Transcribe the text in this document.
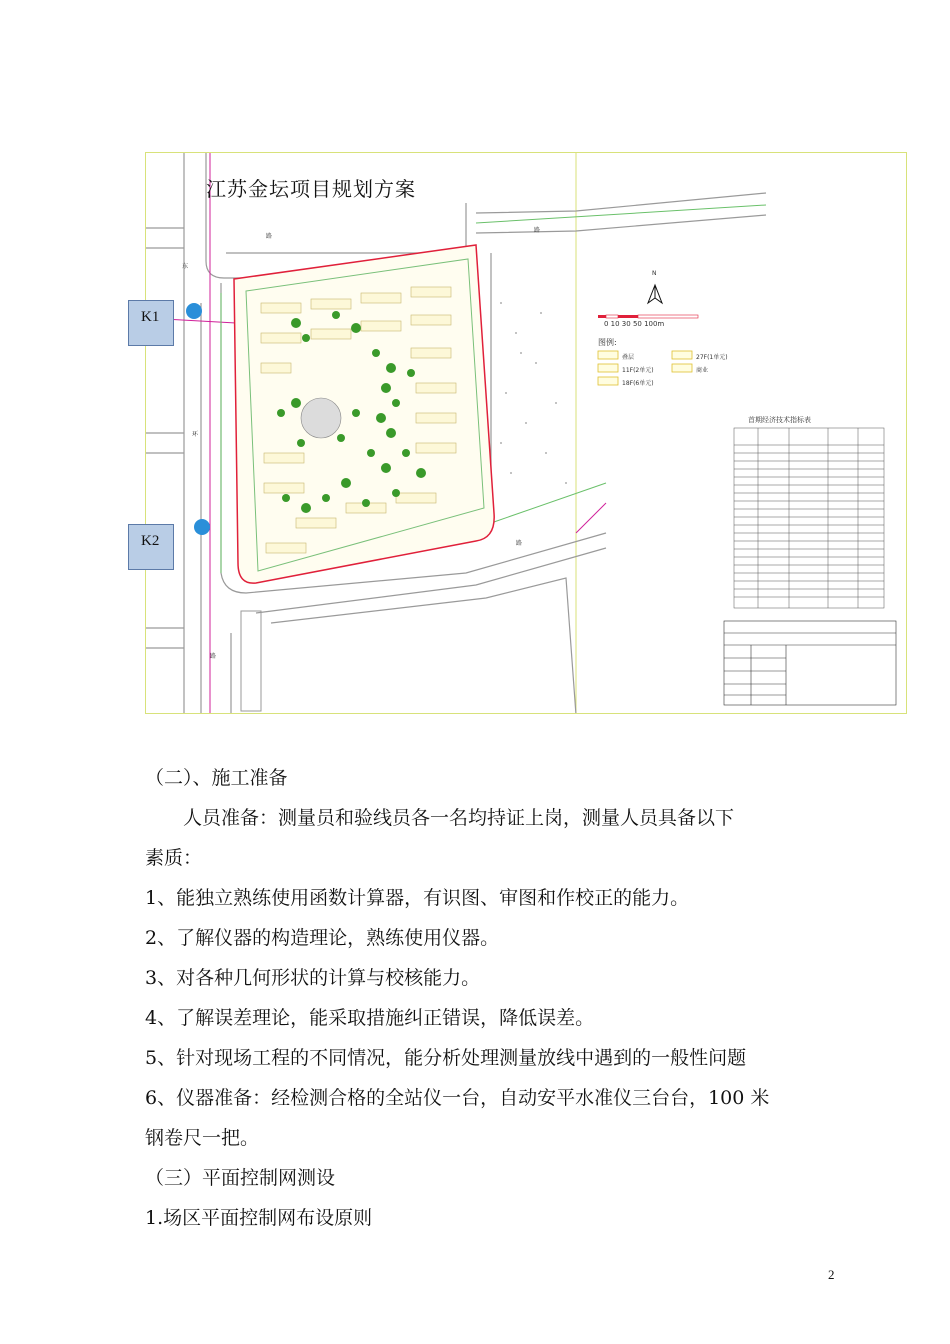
江苏金坛项目规划方案
路
路
路
路
东
环
N
0 10 30 50 100m
图例:
叠层
11F(2单元)
18F(6单元)
27F(1单元)
商业
首期经济技术指标表
K1
K2
（二）、施工准备
人员准备：测量员和验线员各一名均持证上岗，测量人员具备以下
素质：
1、能独立熟练使用函数计算器，有识图、审图和作校正的能力。
2、了解仪器的构造理论，熟练使用仪器。
3、对各种几何形状的计算与校核能力。
4、了解误差理论，能采取措施纠正错误，降低误差。
5、针对现场工程的不同情况，能分析处理测量放线中遇到的一般性问题
6、仪器准备：经检测合格的全站仪一台，自动安平水准仪三台台，100 米
钢卷尺一把。
（三）平面控制网测设
1.场区平面控制网布设原则
2
